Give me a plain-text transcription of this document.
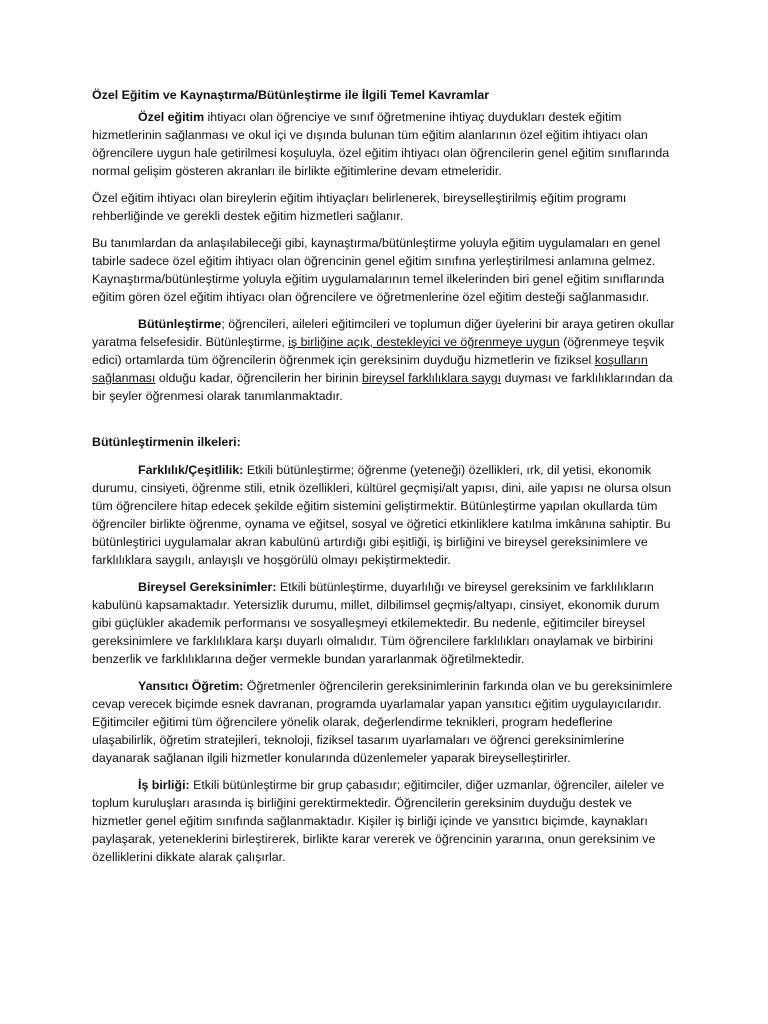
Özel Eğitim ve Kaynaştırma/Bütünleştirme ile İlgili Temel Kavramlar

Özel eğitim ihtiyacı olan öğrenciye ve sınıf öğretmenine ihtiyaç duydukları destek eğitim hizmetlerinin sağlanması ve okul içi ve dışında bulunan tüm eğitim alanlarının özel eğitim ihtiyacı olan öğrencilere uygun hale getirilmesi koşuluyla, özel eğitim ihtiyacı olan öğrencilerin genel eğitim sınıflarında normal gelişim gösteren akranları ile birlikte eğitimlerine devam etmeleridir.

Özel eğitim ihtiyacı olan bireylerin eğitim ihtiyaçları belirlenerek, bireyselleştirilmiş eğitim programı rehberliğinde ve gerekli destek eğitim hizmetleri sağlanır.

Bu tanımlardan da anlaşılabileceği gibi, kaynaştırma/bütünleştirme yoluyla eğitim uygulamaları en genel tabirle sadece özel eğitim ihtiyacı olan öğrencinin genel eğitim sınıfına yerleştirilmesi anlamına gelmez. Kaynaştırma/bütünleştirme yoluyla eğitim uygulamalarının temel ilkelerinden biri genel eğitim sınıflarında eğitim gören özel eğitim ihtiyacı olan öğrencilere ve öğretmenlerine özel eğitim desteği sağlanmasıdır.

Bütünleştirme; öğrencileri, aileleri eğitimcileri ve toplumun diğer üyelerini bir araya getiren okullar yaratma felsefesidir. Bütünleştirme, iş birliğine açık, destekleyici ve öğrenmeye uygun (öğrenmeye teşvik edici) ortamlarda tüm öğrencilerin öğrenmek için gereksinim duyduğu hizmetlerin ve fiziksel koşulların sağlanması olduğu kadar, öğrencilerin her birinin bireysel farklılıklara saygı duyması ve farklılıklarından da bir şeyler öğrenmesi olarak tanımlanmaktadır.

Bütünleştirmenin ilkeleri:

Farklılık/Çeşitlilik: Etkili bütünleştirme; öğrenme (yeteneği) özellikleri, ırk, dil yetisi, ekonomik durumu, cinsiyeti, öğrenme stili, etnik özellikleri, kültürel geçmişi/alt yapısı, dini, aile yapısı ne olursa olsun tüm öğrencilere hitap edecek şekilde eğitim sistemini geliştirmektir. Bütünleştirme yapılan okullarda tüm öğrenciler birlikte öğrenme, oynama ve eğitsel, sosyal ve öğretici etkinliklere katılma imkânına sahiptir. Bu bütünleştirici uygulamalar akran kabulünü artırdığı gibi eşitliği, iş birliğini ve bireysel gereksinimlere ve farklılıklara saygılı, anlayışlı ve hoşgörülü olmayı pekiştirmektedir.

Bireysel Gereksinimler: Etkili bütünleştirme, duyarlılığı ve bireysel gereksinim ve farklılıkların kabulünü kapsamaktadır. Yetersizlik durumu, millet, dilbilimsel geçmiş/altyapı, cinsiyet, ekonomik durum gibi güçlükler akademik performansı ve sosyalleşmeyi etkilemektedir. Bu nedenle, eğitimciler bireysel gereksinimlere ve farklılıklara karşı duyarlı olmalıdır. Tüm öğrencilere farklılıkları onaylamak ve birbirini benzerlik ve farklılıklarına değer vermekle bundan yararlanmak öğretilmektedir.

Yansıtıcı Öğretim: Öğretmenler öğrencilerin gereksinimlerinin farkında olan ve bu gereksinimlere cevap verecek biçimde esnek davranan, programda uyarlamalar yapan yansıtıcı eğitim uygulayıcılarıdır. Eğitimciler eğitimi tüm öğrencilere yönelik olarak, değerlendirme teknikleri, program hedeflerine ulaşabilirlik, öğretim stratejileri, teknoloji, fiziksel tasarım uyarlamaları ve öğrenci gereksinimlerine dayanarak sağlanan ilgili hizmetler konularında düzenlemeler yaparak bireyselleştirirler.

İş birliği: Etkili bütünleştirme bir grup çabasıdır; eğitimciler, diğer uzmanlar, öğrenciler, aileler ve toplum kuruluşları arasında iş birliğini gerektirmektedir. Öğrencilerin gereksinim duyduğu destek ve hizmetler genel eğitim sınıfında sağlanmaktadır. Kişiler iş birliği içinde ve yansıtıcı biçimde, kaynakları paylaşarak, yeteneklerini birleştirerek, birlikte karar vererek ve öğrencinin yararına, onun gereksinim ve özelliklerini dikkate alarak çalışırlar.
